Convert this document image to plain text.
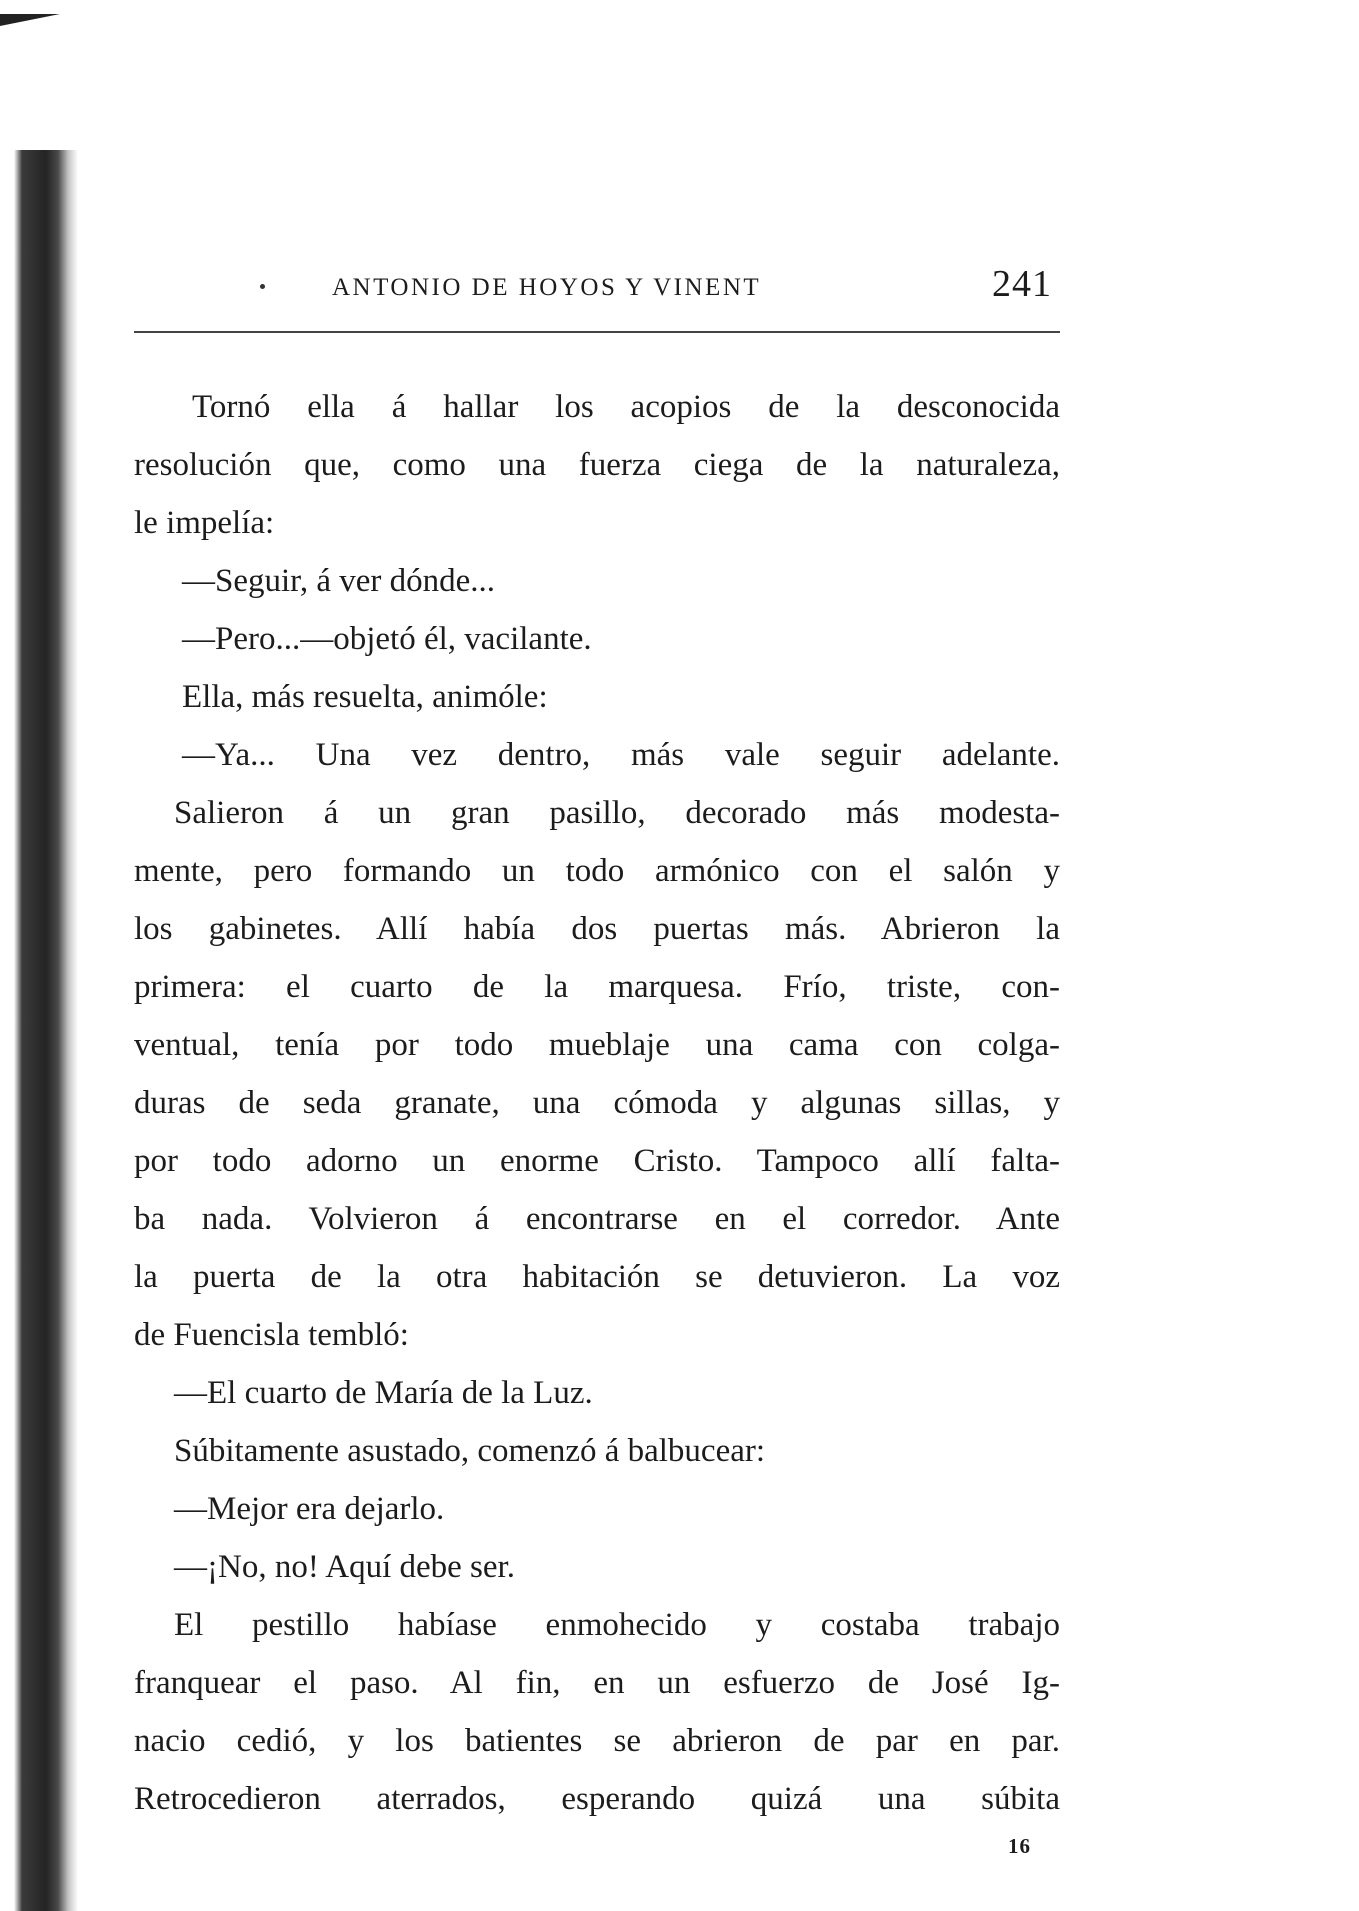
ANTONIO DE HOYOS Y VINENT	241
Tornó ella á hallar los acopios de la desconocida
resolución que, como una fuerza ciega de la naturaleza,
le impelía:
—Seguir, á ver dónde...
—Pero...—objetó él, vacilante.
Ella, más resuelta, animóle:
—Ya... Una vez dentro, más vale seguir adelante.
Salieron á un gran pasillo, decorado más modesta-
mente, pero formando un todo armónico con el salón y
los gabinetes. Allí había dos puertas más. Abrieron la
primera: el cuarto de la marquesa. Frío, triste, con-
ventual, tenía por todo mueblaje una cama con colga-
duras de seda granate, una cómoda y algunas sillas, y
por todo adorno un enorme Cristo. Tampoco allí falta-
ba nada. Volvieron á encontrarse en el corredor. Ante
la puerta de la otra habitación se detuvieron. La voz
de Fuencisla tembló:
—El cuarto de María de la Luz.
Súbitamente asustado, comenzó á balbucear:
—Mejor era dejarlo.
—¡No, no! Aquí debe ser.
El pestillo habíase enmohecido y costaba trabajo
franquear el paso. Al fin, en un esfuerzo de José Ig-
nacio cedió, y los batientes se abrieron de par en par.
Retrocedieron aterrados, esperando quizá una súbita
16
